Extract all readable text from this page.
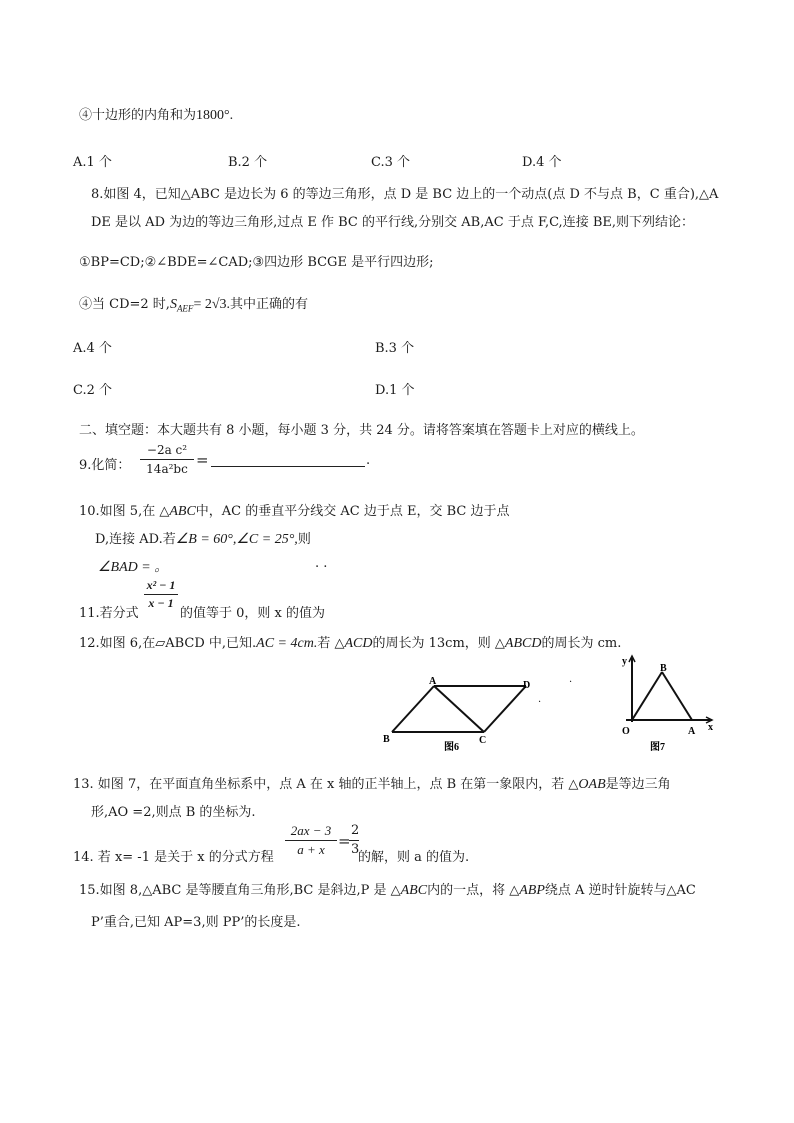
④十边形的内角和为1800°.
A.1 个	B.2 个	C.3 个	D.4 个
8.如图 4，已知△ABC 是边长为 6 的等边三角形，点 D 是 BC 边上的一个动点(点 D 不与点 B，C 重合),△A
DE 是以 AD 为边的等边三角形,过点 E 作 BC 的平行线,分别交 AB,AC 于点 F,C,连接 BE,则下列结论：
①BP=CD;②∠BDE=∠CAD;③四边形 BCGE 是平行四边形;
④当 CD=2 时$,S_{AEF}= 2√3$.其中正确的有
A.4 个	B.3 个
C.2 个	D.1 个
二、填空题：本大题共有 8 小题，每小题 3 分，共 24 分。请将答案填在答题卡上对应的横线上。
9.化简： $\frac{\text{−2a c²}}{\text{14a²bc}}$ =	.
10.如图 5,在 △ABC中，AC 的垂直平分线交 AC 边于点 E，交 BC 边于点
D,连接 AD.若∠B = 60°,∠C = 25°,则
∠BAD = 。	. .
$\frac{\text{x² − 1}}{x - 1}$
11.若分式	的值等于 0，则 x 的值为
12.如图 6,在▱ABCD 中,已知.AC = 4cm.若 △ACD的周长为 13cm，则 △ABCD的周长为 cm.
A	D
B	C
图6
·
·
y
B
O	A x
图7
13. 如图 7，在平面直角坐标系中，点 A 在 x 轴的正半轴上，点 B 在第一象限内，若 △OAB是等边三角
形,AO =2,则点 B 的坐标为.
14. 若 x= -1 是关于 x 的分式方程 $\frac{2ax - 3}{a + x}$ =
$\frac{2}{3}$ 的解，则 a 的值为.
15.如图 8,△ABC 是等腰直角三角形,BC 是斜边,P 是 △ABC内的一点，将 △ABP绕点 A 逆时针旋转与△AC
P’重合,已知 AP=3,则 PP’的长度是.
